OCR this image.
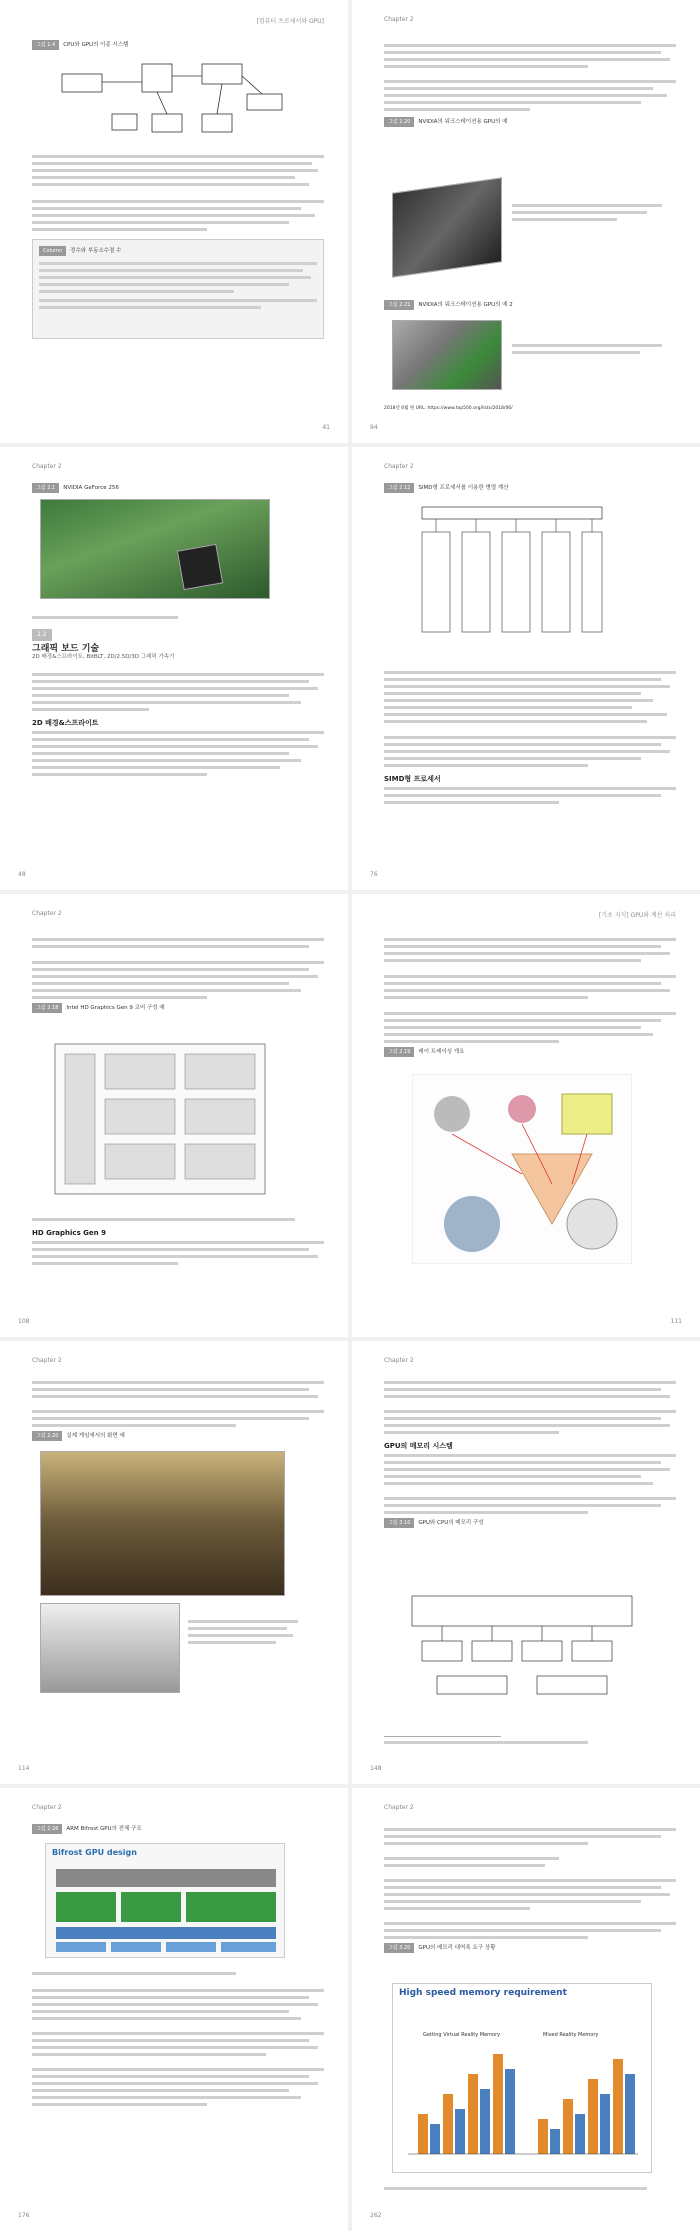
[컴퓨터 프로세서와 GPU]
그림 1.4 CPU와 GPU의 이종 시스템
Column 정수와 부동소수점 수
41
Chapter 2
그림 2.20 NVIDIA의 워크스테이션용 GPU의 예
그림 2.21 NVIDIA의 워크스테이션용 GPU의 예 2
2018년 6월 현 URL: https://www.top500.org/lists/2018/06/
94
Chapter 2
그림 2.1 NVIDIA GeForce 256
2.2
그래픽 보드 기술
2D 배경&스프라이트, BitBLT, 2D/2.5D/3D 그래픽 가속기
2D 배경&스프라이트
48
Chapter 2
그림 2.12 SIMD형 프로세서를 이용한 병렬 계산
SIMD형 프로세서
76
Chapter 2
그림 2.18 Intel HD Graphics Gen 9 코어 구성 예
HD Graphics Gen 9
108
[기초 지식] GPU와 계산 처리
그림 2.19 레이 트레이싱 개요
111
Chapter 2
그림 2.20 실제 게임에서의 화면 예
114
Chapter 2
GPU의 메모리 시스템
그림 3.10 GPU와 CPU의 메모리 구성
148
Chapter 2
그림 2.26 ARM Bifrost GPU의 전체 구조
Bifrost GPU design
176
Chapter 2
그림 3.20 GPU의 메모리 대역폭 요구 상황
High speed memory requirement
Getting Virtual Reality Memory	Mixed Reality Memory
262
